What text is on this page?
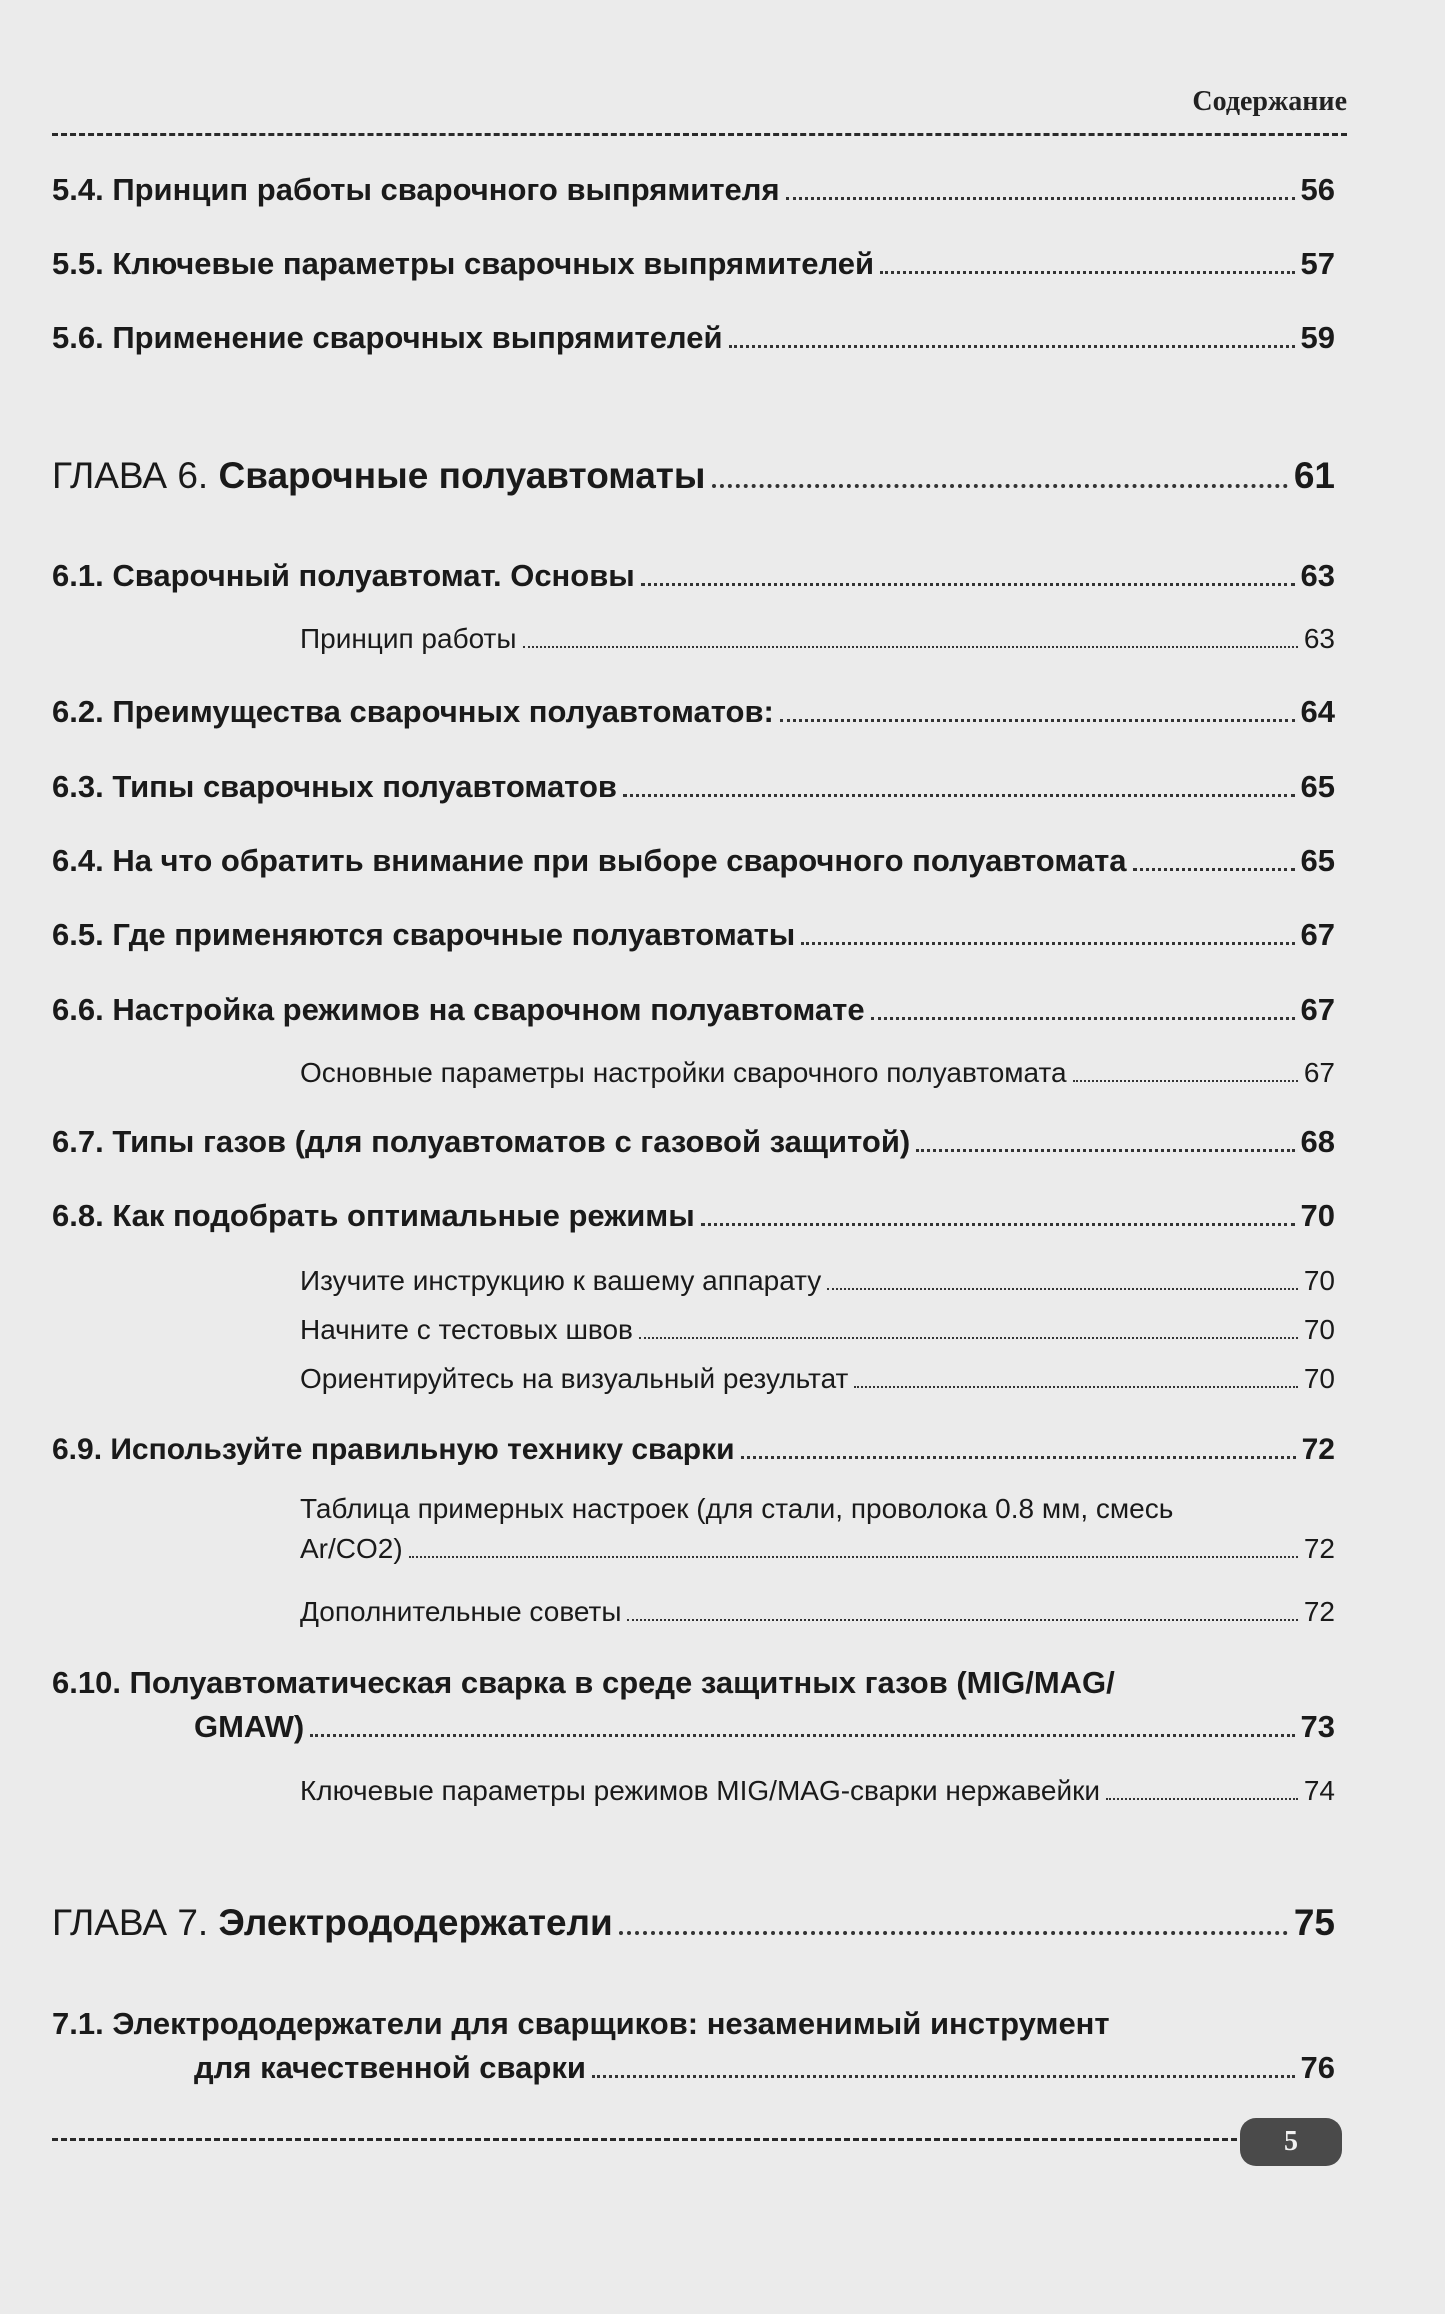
Содержание
5.4. Принцип работы сварочного выпрямителя	56
5.5. Ключевые параметры сварочных выпрямителей	57
5.6. Применение сварочных выпрямителей	59
ГЛАВА 6. Сварочные полуавтоматы	61
6.1. Сварочный полуавтомат. Основы	63
Принцип работы	63
6.2. Преимущества сварочных полуавтоматов:	64
6.3. Типы сварочных полуавтоматов	65
6.4. На что обратить внимание при выборе сварочного полуавтомата	65
6.5. Где применяются сварочные полуавтоматы	67
6.6. Настройка режимов на сварочном полуавтомате	67
Основные параметры настройки сварочного полуавтомата	67
6.7. Типы газов (для полуавтоматов с газовой защитой)	68
6.8. Как подобрать оптимальные режимы	70
Изучите инструкцию к вашему аппарату	70
Начните с тестовых швов	70
Ориентируйтесь на визуальный результат	70
6.9. Используйте правильную технику сварки	72
Таблица примерных настроек (для стали, проволока 0.8 мм, смесь
Ar/CO2)	72
Дополнительные советы	72
6.10. Полуавтоматическая сварка в среде защитных газов (MIG/MAG/
GMAW)	73
Ключевые параметры режимов MIG/MAG-сварки нержавейки	74
ГЛАВА 7. Электрододержатели	75
7.1. Электрододержатели для сварщиков: незаменимый инструмент
для качественной сварки	76
5
